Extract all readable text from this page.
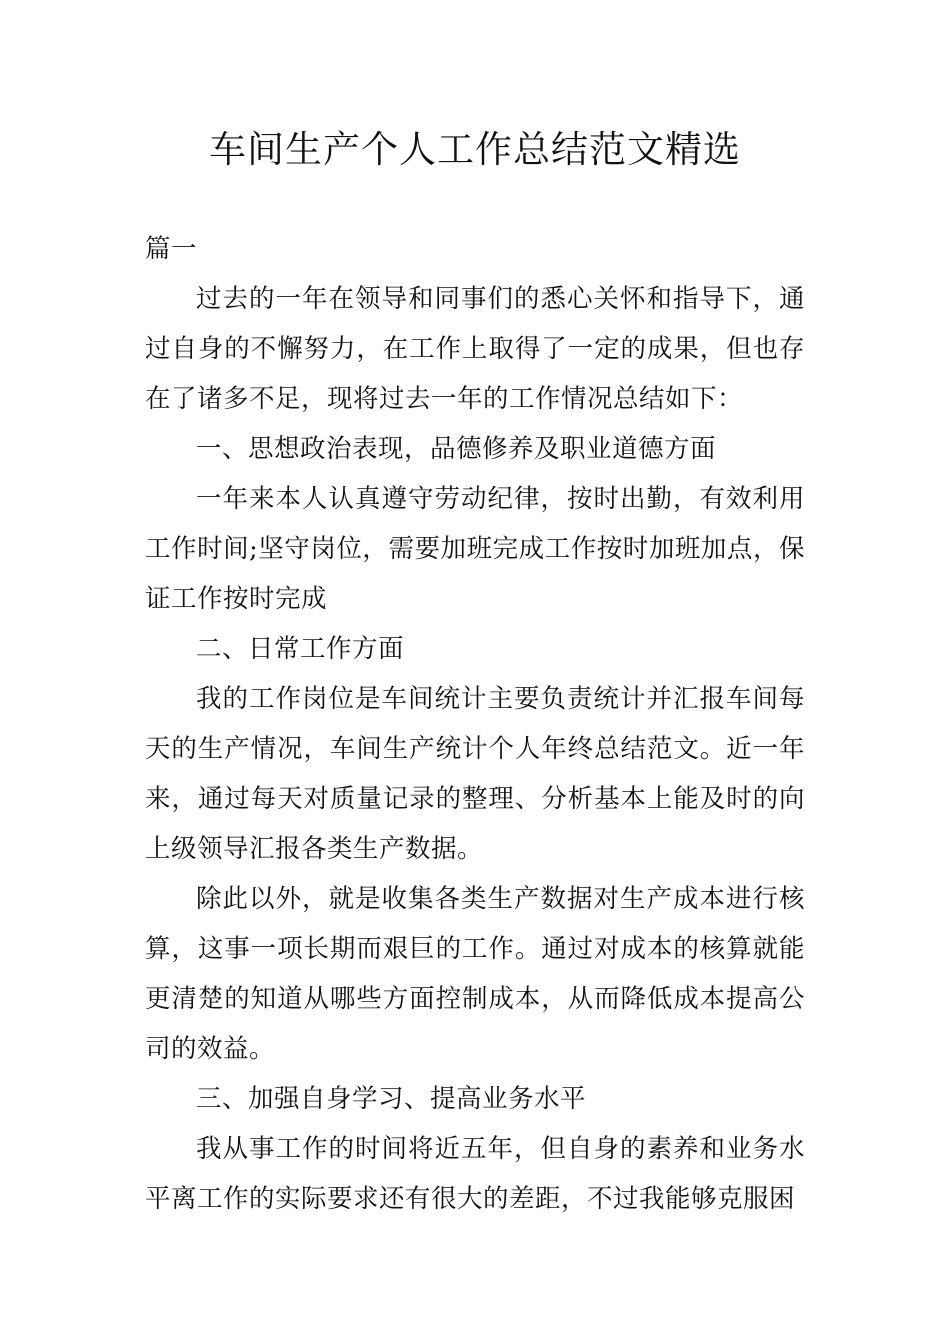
车间生产个人工作总结范文精选

篇一

过去的一年在领导和同事们的悉心关怀和指导下，通过自身的不懈努力，在工作上取得了一定的成果，但也存在了诸多不足，现将过去一年的工作情况总结如下：

一、思想政治表现，品德修养及职业道德方面

一年来本人认真遵守劳动纪律，按时出勤，有效利用工作时间;坚守岗位，需要加班完成工作按时加班加点，保证工作按时完成

二、日常工作方面

我的工作岗位是车间统计主要负责统计并汇报车间每天的生产情况，车间生产统计个人年终总结范文。近一年来，通过每天对质量记录的整理、分析基本上能及时的向上级领导汇报各类生产数据。

除此以外，就是收集各类生产数据对生产成本进行核算，这事一项长期而艰巨的工作。通过对成本的核算就能更清楚的知道从哪些方面控制成本，从而降低成本提高公司的效益。

三、加强自身学习、提高业务水平

我从事工作的时间将近五年，但自身的素养和业务水平离工作的实际要求还有很大的差距，不过我能够克服困
